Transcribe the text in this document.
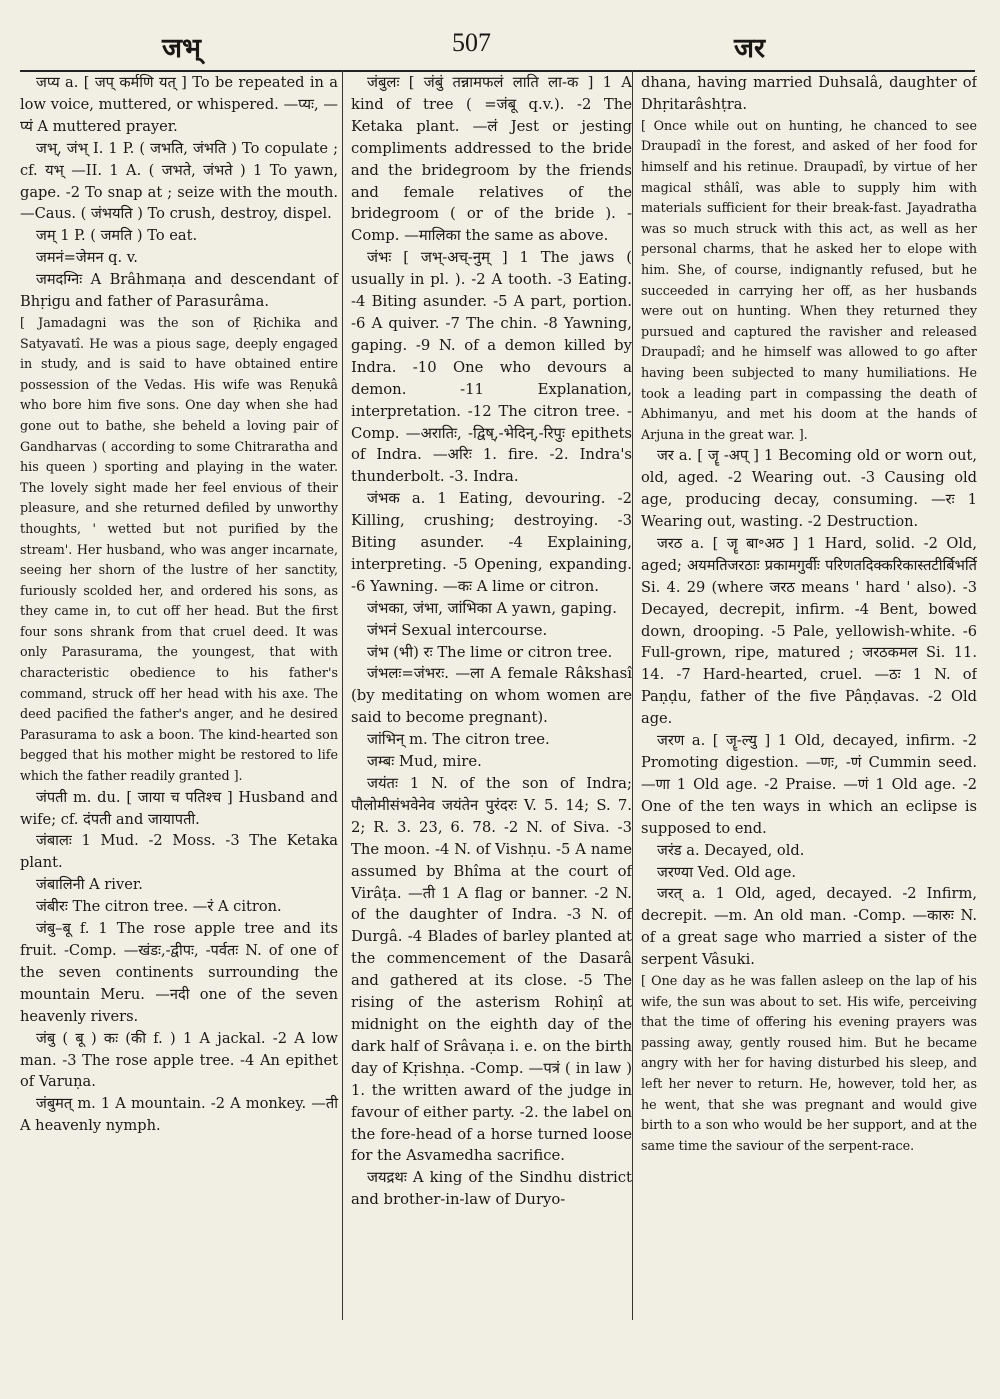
जभ्	507	जर

जप्य a. [ जप् कर्मणि यत् ] To be repeated in a low voice, muttered, or whispered. —प्यः, —प्यं A muttered prayer.

जभ्, जंभ् I. 1 P. ( जभति, जंभति ) To copulate ; cf. यभ् —II. 1 A. ( जभते, जंभते ) 1 To yawn, gape. -2 To snap at ; seize with the mouth. —Caus. ( जंभयति ) To crush, destroy, dispel.

जम् 1 P. ( जमति ) To eat.

जमनं=जेमन q. v.

जमदग्निः A Brâhmaṇa and descendant of Bhṛigu and father of Parasurâma.

[ Jamadagni was the son of Ṛichika and Satyavatî. He was a pious sage, deeply engaged in study, and is said to have obtained entire possession of the Vedas. His wife was Reṇukâ who bore him five sons. One day when she had gone out to bathe, she beheld a loving pair of Gandharvas ( according to some Chitraratha and his queen ) sporting and playing in the water. The lovely sight made her feel envious of their pleasure, and she returned defiled by unworthy thoughts, ' wetted but not purified by the stream'. Her husband, who was anger incarnate, seeing her shorn of the lustre of her sanctity, furiously scolded her, and ordered his sons, as they came in, to cut off her head. But the first four sons shrank from that cruel deed. It was only Parasurama, the youngest, that with characteristic obedience to his father's command, struck off her head with his axe. The deed pacified the father's anger, and he desired Parasurama to ask a boon. The kind-hearted son begged that his mother might be restored to life which the father readily granted ].

जंपती m. du. [ जाया च पतिश्च ] Husband and wife; cf. दंपती and जायापती.

जंबालः 1 Mud. -2 Moss. -3 The Ketaka plant.

जंबालिनी A river.

जंबीरः The citron tree. —रं A citron.

जंबु–बू f. 1 The rose apple tree and its fruit. -Comp. —खंडः,-द्वीपः, -पर्वतः N. of one of the seven continents surrounding the mountain Meru. —नदी one of the seven heavenly rivers.

जंबु ( बू ) कः (की f. ) 1 A jackal. -2 A low man. -3 The rose apple tree. -4 An epithet of Varuṇa.

जंबुमत् m. 1 A mountain. -2 A monkey. —ती A heavenly nymph.

जंबुलः [ जंबुं तन्नामफलं लाति ला-क ] 1 A kind of tree ( =जंबू q.v.). -2 The Ketaka plant. —लं Jest or jesting compliments addressed to the bride and the bridegroom by the friends and female relatives of the bridegroom ( or of the bride ). -Comp. —मालिका the same as above.

जंभः [ जभ्-अच्-नुम् ] 1 The jaws ( usually in pl. ). -2 A tooth. -3 Eating. -4 Biting asunder. -5 A part, portion. -6 A quiver. -7 The chin. -8 Yawning, gaping. -9 N. of a demon killed by Indra. -10 One who devours a demon. -11 Explanation, interpretation. -12 The citron tree. -Comp. —अरातिः, -द्विष्,-भेदिन्,-रिपुः epithets of Indra. —अरिः 1. fire. -2. Indra's thunderbolt. -3. Indra.

जंभक a. 1 Eating, devouring. -2 Killing, crushing; destroying. -3 Biting asunder. -4 Explaining, interpreting. -5 Opening, expanding. -6 Yawning. —कः A lime or citron.

जंभका, जंभा, जांभिका A yawn, gaping.

जंभनं Sexual intercourse.

जंभ (भी) रः The lime or citron tree.

जंभलः=जंभरः. —ला A female Râkshasî (by meditating on whom women are said to become pregnant).

जांभिन् m. The citron tree.

जम्बः Mud, mire.

जयंतः 1 N. of the son of Indra; पौलोमीसंभवेनेव जयंतेन पुरंदरः V. 5. 14; S. 7. 2; R. 3. 23, 6. 78. -2 N. of Siva. -3 The moon. -4 N. of Vishṇu. -5 A name assumed by Bhîma at the court of Virâṭa. —ती 1 A flag or banner. -2 N. of the daughter of Indra. -3 N. of Durgâ. -4 Blades of barley planted at the commencement of the Dasarâ and gathered at its close. -5 The rising of the asterism Rohiṇî at midnight on the eighth day of the dark half of Srâvaṇa i. e. on the birth day of Kṛishṇa. -Comp. —पत्रं ( in law ) 1. the written award of the judge in favour of either party. -2. the label on the fore-head of a horse turned loose for the Asvamedha sacrifice.

जयद्रथः A king of the Sindhu district and brother-in-law of Duryo-

dhana, having married Duhsalâ, daughter of Dhṛitarâshṭra.

[ Once while out on hunting, he chanced to see Draupadî in the forest, and asked of her food for himself and his retinue. Draupadî, by virtue of her magical sthâlî, was able to supply him with materials sufficient for their break-fast. Jayadratha was so much struck with this act, as well as her personal charms, that he asked her to elope with him. She, of course, indignantly refused, but he succeeded in carrying her off, as her husbands were out on hunting. When they returned they pursued and captured the ravisher and released Draupadî; and he himself was allowed to go after having been subjected to many humiliations. He took a leading part in compassing the death of Abhimanyu, and met his doom at the hands of Arjuna in the great war. ].

जर a. [ जॄ -अप् ] 1 Becoming old or worn out, old, aged. -2 Wearing out. -3 Causing old age, producing decay, consuming. —रः 1 Wearing out, wasting. -2 Destruction.

जरठ a. [ जॄ बा॰अठ ] 1 Hard, solid. -2 Old, aged; अयमतिजरठाः प्रकामगुर्वीः परिणतदिक्करिकास्तटीर्बिभर्ति Si. 4. 29 (where जरठ means ' hard ' also). -3 Decayed, decrepit, infirm. -4 Bent, bowed down, drooping. -5 Pale, yellowish-white. -6 Full-grown, ripe, matured ; जरठकमल Si. 11. 14. -7 Hard-hearted, cruel. —ठः 1 N. of Paṇḍu, father of the five Pâṇḍavas. -2 Old age.

जरण a. [ जॄ-ल्यु ] 1 Old, decayed, infirm. -2 Promoting digestion. —णः, -णं Cummin seed. —णा 1 Old age. -2 Praise. —णं 1 Old age. -2 One of the ten ways in which an eclipse is supposed to end.

जरंड a. Decayed, old.

जरण्या Ved. Old age.

जरत् a. 1 Old, aged, decayed. -2 Infirm, decrepit. —m. An old man. -Comp. —कारुः N. of a great sage who married a sister of the serpent Vâsuki.

[ One day as he was fallen asleep on the lap of his wife, the sun was about to set. His wife, perceiving that the time of offering his evening prayers was passing away, gently roused him. But he became angry with her for having disturbed his sleep, and left her never to return. He, however, told her, as he went, that she was pregnant and would give birth to a son who would be her support, and at the same time the saviour of the serpent-race.
